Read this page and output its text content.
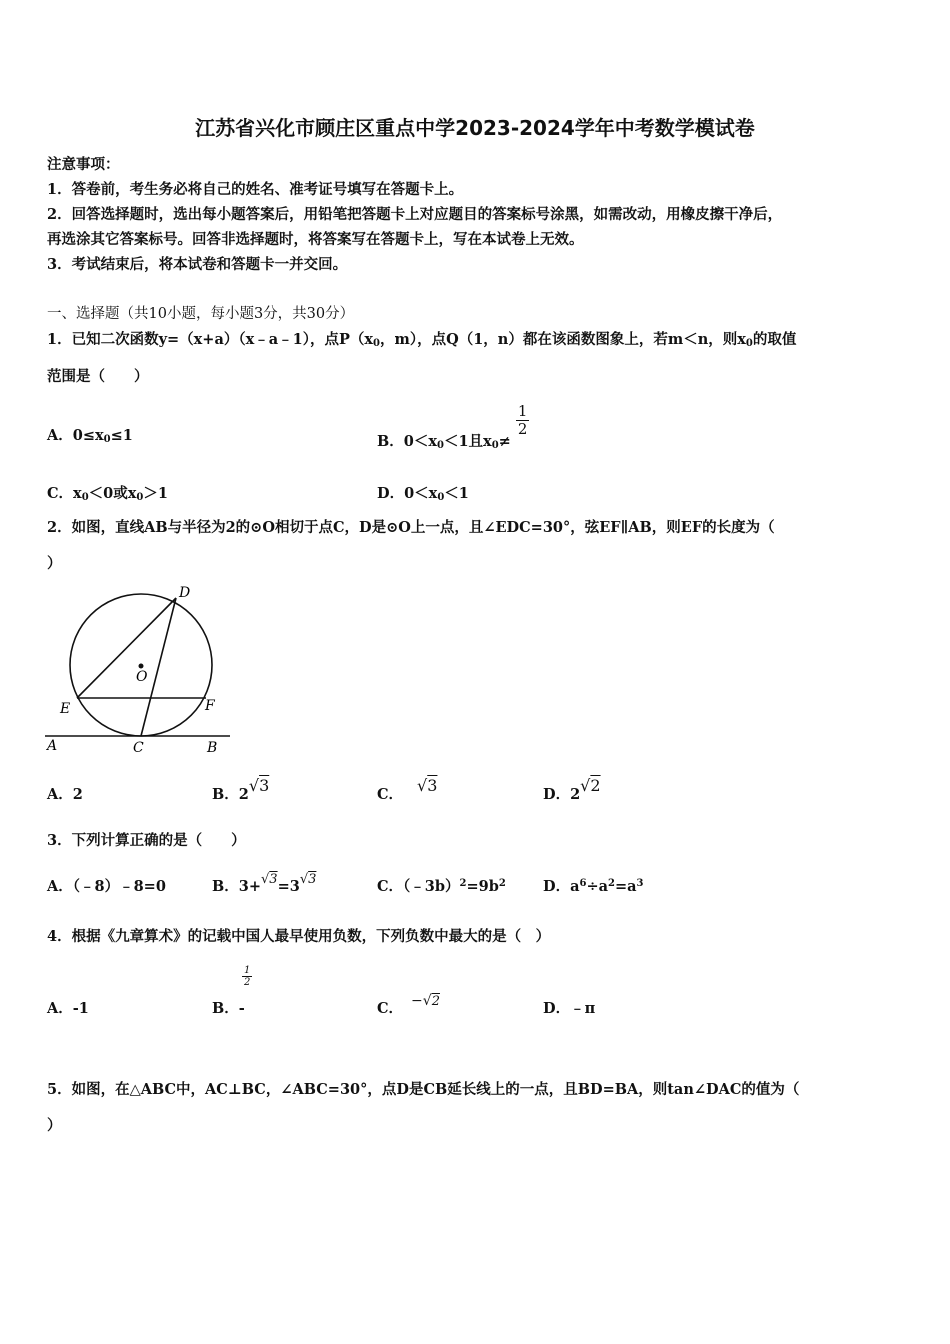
江苏省兴化市顾庄区重点中学2023-2024学年中考数学模试卷
注意事项：
1．答卷前，考生务必将自己的姓名、准考证号填写在答题卡上。
2．回答选择题时，选出每小题答案后，用铅笔把答题卡上对应题目的答案标号涂黑，如需改动，用橡皮擦干净后，
再选涂其它答案标号。回答非选择题时，将答案写在答题卡上，写在本试卷上无效。
3．考试结束后，将本试卷和答题卡一并交回。
一、选择题（共10小题，每小题3分，共30分）
1．已知二次函数y=（x+a）（x﹣a﹣1），点$P(x_0$，m），点Q（1，n）都在该函数图象上，若m＜n，则$x_0$的取值
范围是（　　）
A．$0\le x_0\le 1$	B．$0<x_0<1$且$x_0\ne$
$\frac{1}{2}$
C．$x_0<0$或$x_0>1$	D．$0<x_0<1$
2．如图，直线AB与半径为2的⊙O相切于点C，D是⊙O上一点，且∠EDC=30°，弦EF∥AB，则EF的长度为（
）
D
O
E	F
A	C	B
A．2	B．2√3	C． √3	D．2√2
3．下列计算正确的是（　　）
A．（﹣8）﹣8=0	B．3+√3=3√3	C．$(﹣3b)^2=9b^2$	D．$a^6\div a^2=a^3$
4．根据《九章算术》的记载中国人最早使用负数，下列负数中最大的是（　）
A．-1	B．-
$\frac{1}{2}$
C． −√2	D．﹣π
5．如图，在△ABC中，AC⊥BC，∠ABC=30°，点D是CB延长线上的一点，且BD=BA，则tan∠DAC的值为（
）
